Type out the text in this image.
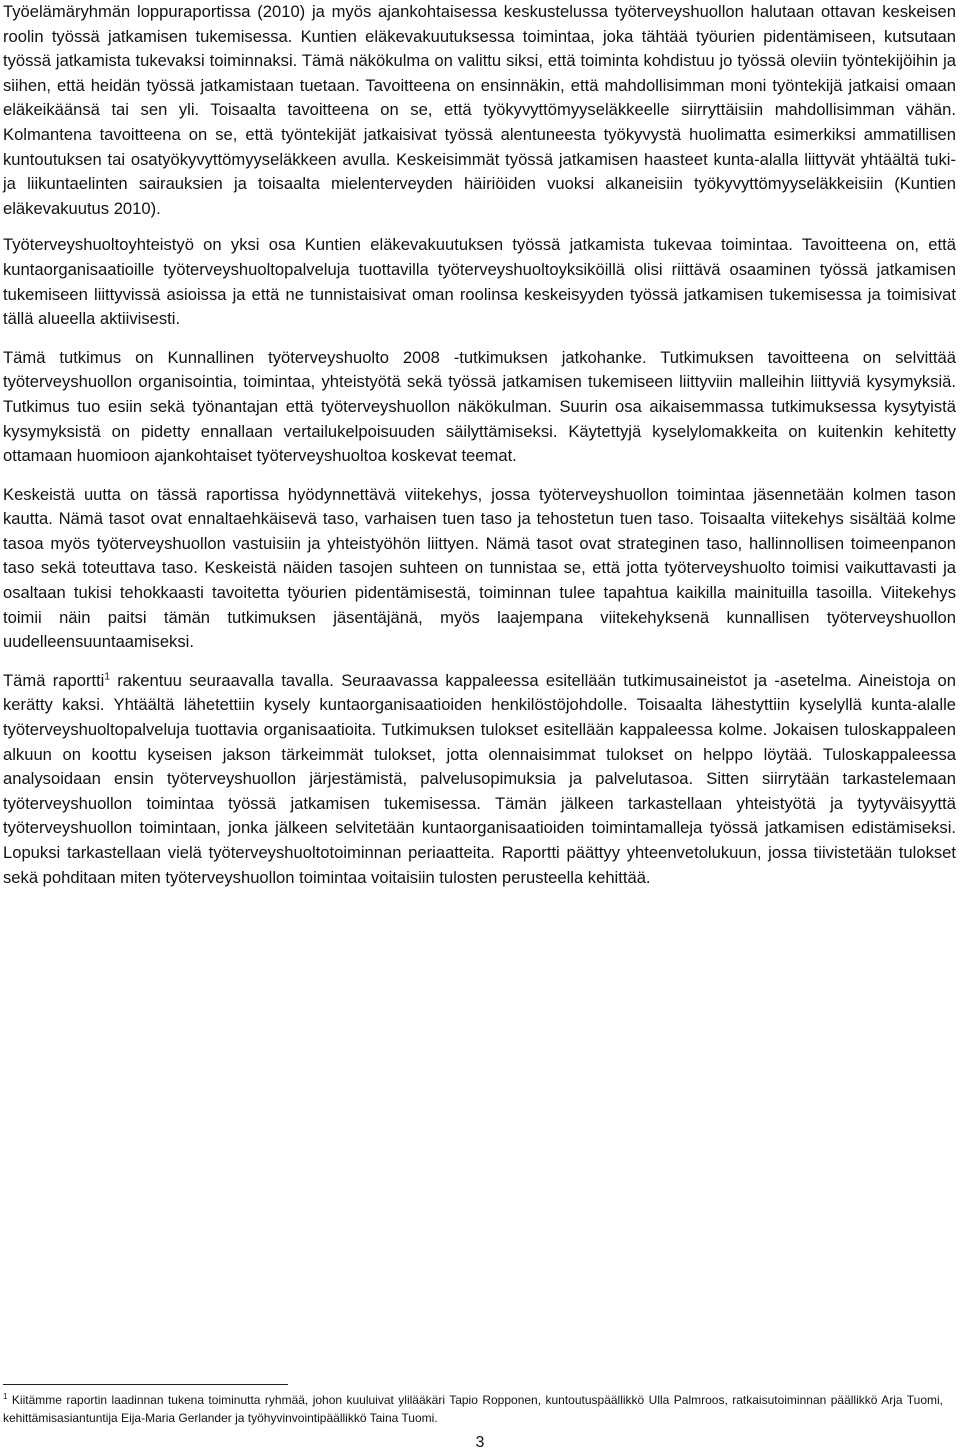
Työelämäryhmän loppuraportissa (2010) ja myös ajankohtaisessa keskustelussa työterveyshuollon halutaan ottavan keskeisen roolin työssä jatkamisen tukemisessa. Kuntien eläkevakuutuksessa toimintaa, joka tähtää työurien pidentämiseen, kutsutaan työssä jatkamista tukevaksi toiminnaksi. Tämä näkökulma on valittu siksi, että toiminta kohdistuu jo työssä oleviin työntekijöihin ja siihen, että heidän työssä jatkamistaan tuetaan. Tavoitteena on ensinnäkin, että mahdollisimman moni työntekijä jatkaisi omaan eläkeikäänsä tai sen yli. Toisaalta tavoitteena on se, että työkyvyttömyyseläkkeelle siirryttäisiin mahdollisimman vähän. Kolmantena tavoitteena on se, että työntekijät jatkaisivat työssä alentuneesta työkyvystä huolimatta esimerkiksi ammatillisen kuntoutuksen tai osatyökyvyttömyyseläkkeen avulla. Keskeisimmät työssä jatkamisen haasteet kunta-alalla liittyvät yhtäältä tuki- ja liikuntaelinten sairauksien ja toisaalta mielenterveyden häiriöiden vuoksi alkaneisiin työkyvyttömyyseläkkeisiin (Kuntien eläkevakuutus 2010).

Työterveyshuoltoyhteistyö on yksi osa Kuntien eläkevakuutuksen työssä jatkamista tukevaa toimintaa. Tavoitteena on, että kuntaorganisaatioille työterveyshuoltopalveluja tuottavilla työterveyshuoltoyksiköillä olisi riittävä osaaminen työssä jatkamisen tukemiseen liittyvissä asioissa ja että ne tunnistaisivat oman roolinsa keskeisyyden työssä jatkamisen tukemisessa ja toimisivat tällä alueella aktiivisesti.

Tämä tutkimus on Kunnallinen työterveyshuolto 2008 -tutkimuksen jatkohanke. Tutkimuksen tavoitteena on selvittää työterveyshuollon organisointia, toimintaa, yhteistyötä sekä työssä jatkamisen tukemiseen liittyviin malleihin liittyviä kysymyksiä. Tutkimus tuo esiin sekä työnantajan että työterveyshuollon näkökulman. Suurin osa aikaisemmassa tutkimuksessa kysytyistä kysymyksistä on pidetty ennallaan vertailukelpoisuuden säilyttämiseksi. Käytettyjä kyselylomakkeita on kuitenkin kehitetty ottamaan huomioon ajankohtaiset työterveyshuoltoa koskevat teemat.

Keskeistä uutta on tässä raportissa hyödynnettävä viitekehys, jossa työterveyshuollon toimintaa jäsennetään kolmen tason kautta. Nämä tasot ovat ennaltaehkäisevä taso, varhaisen tuen taso ja tehostetun tuen taso. Toisaalta viitekehys sisältää kolme tasoa myös työterveyshuollon vastuisiin ja yhteistyöhön liittyen. Nämä tasot ovat strateginen taso, hallinnollisen toimeenpanon taso sekä toteuttava taso. Keskeistä näiden tasojen suhteen on tunnistaa se, että jotta työterveyshuolto toimisi vaikuttavasti ja osaltaan tukisi tehokkaasti tavoitetta työurien pidentämisestä, toiminnan tulee tapahtua kaikilla mainituilla tasoilla. Viitekehys toimii näin paitsi tämän tutkimuksen jäsentäjänä, myös laajempana viitekehyksenä kunnallisen työterveyshuollon uudelleensuuntaamiseksi.

Tämä raportti$^1$ rakentuu seuraavalla tavalla. Seuraavassa kappaleessa esitellään tutkimusaineistot ja -asetelma. Aineistoja on kerätty kaksi. Yhtäältä lähetettiin kysely kuntaorganisaatioiden henkilöstöjohdolle. Toisaalta lähestyttiin kyselyllä kunta-alalle työterveyshuoltopalveluja tuottavia organisaatioita. Tutkimuksen tulokset esitellään kappaleessa kolme. Jokaisen tuloskappaleen alkuun on koottu kyseisen jakson tärkeimmät tulokset, jotta olennaisimmat tulokset on helppo löytää. Tuloskappaleessa analysoidaan ensin työterveyshuollon järjestämistä, palvelusopimuksia ja palvelutasoa. Sitten siirrytään tarkastelemaan työterveyshuollon toimintaa työssä jatkamisen tukemisessa. Tämän jälkeen tarkastellaan yhteistyötä ja tyytyväisyyttä työterveyshuollon toimintaan, jonka jälkeen selvitetään kuntaorganisaatioiden toimintamalleja työssä jatkamisen edistämiseksi. Lopuksi tarkastellaan vielä työterveyshuoltotoiminnan periaatteita. Raportti päättyy yhteenvetolukuun, jossa tiivistetään tulokset sekä pohditaan miten työterveyshuollon toimintaa voitaisiin tulosten perusteella kehittää.

$^1$ Kiitämme raportin laadinnan tukena toiminutta ryhmää, johon kuuluivat ylilääkäri Tapio Ropponen, kuntoutuspäällikkö Ulla Palmroos, ratkaisutoiminnan päällikkö Arja Tuomi, kehittämisasiantuntija Eija-Maria Gerlander ja työhyvinvointipäällikkö Taina Tuomi.

3
